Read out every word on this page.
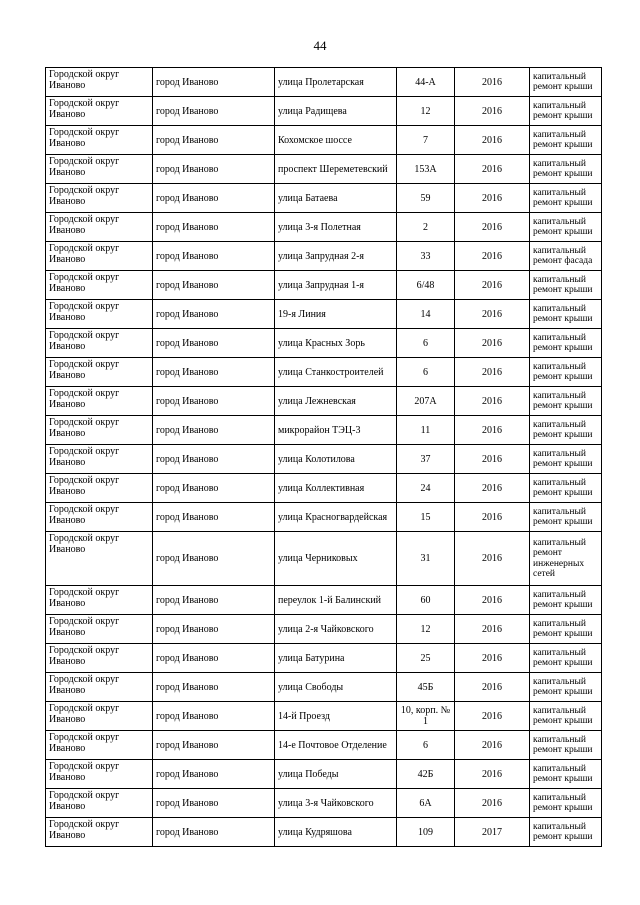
44
Городской округ Иваново	город Иваново	улица Пролетарская	44-А	2016	капитальный ремонт крыши
Городской округ Иваново	город Иваново	улица Радищева	12	2016	капитальный ремонт крыши
Городской округ Иваново	город Иваново	Кохомское шоссе	7	2016	капитальный ремонт крыши
Городской округ Иваново	город Иваново	проспект Шереметевский	153А	2016	капитальный ремонт крыши
Городской округ Иваново	город Иваново	улица Батаева	59	2016	капитальный ремонт крыши
Городской округ Иваново	город Иваново	улица 3-я Полетная	2	2016	капитальный ремонт крыши
Городской округ Иваново	город Иваново	улица Запрудная 2-я	33	2016	капитальный ремонт фасада
Городской округ Иваново	город Иваново	улица Запрудная 1-я	6/48	2016	капитальный ремонт крыши
Городской округ Иваново	город Иваново	19-я Линия	14	2016	капитальный ремонт крыши
Городской округ Иваново	город Иваново	улица Красных Зорь	6	2016	капитальный ремонт крыши
Городской округ Иваново	город Иваново	улица Станкостроителей	6	2016	капитальный ремонт крыши
Городской округ Иваново	город Иваново	улица Лежневская	207А	2016	капитальный ремонт крыши
Городской округ Иваново	город Иваново	микрорайон ТЭЦ-3	11	2016	капитальный ремонт крыши
Городской округ Иваново	город Иваново	улица Колотилова	37	2016	капитальный ремонт крыши
Городской округ Иваново	город Иваново	улица Коллективная	24	2016	капитальный ремонт крыши
Городской округ Иваново	город Иваново	улица Красногвардейская	15	2016	капитальный ремонт крыши
Городской округ Иваново	город Иваново	улица Черниковых	31	2016	капитальный ремонт инженерных сетей
Городской округ Иваново	город Иваново	переулок 1-й Балинский	60	2016	капитальный ремонт крыши
Городской округ Иваново	город Иваново	улица 2-я Чайковского	12	2016	капитальный ремонт крыши
Городской округ Иваново	город Иваново	улица Батурина	25	2016	капитальный ремонт крыши
Городской округ Иваново	город Иваново	улица Свободы	45Б	2016	капитальный ремонт крыши
Городской округ Иваново	город Иваново	14-й Проезд	10, корп. № 1	2016	капитальный ремонт крыши
Городской округ Иваново	город Иваново	14-е Почтовое Отделение	6	2016	капитальный ремонт крыши
Городской округ Иваново	город Иваново	улица Победы	42Б	2016	капитальный ремонт крыши
Городской округ Иваново	город Иваново	улица 3-я Чайковского	6А	2016	капитальный ремонт крыши
Городской округ Иваново	город Иваново	улица Кудряшова	109	2017	капитальный ремонт крыши
